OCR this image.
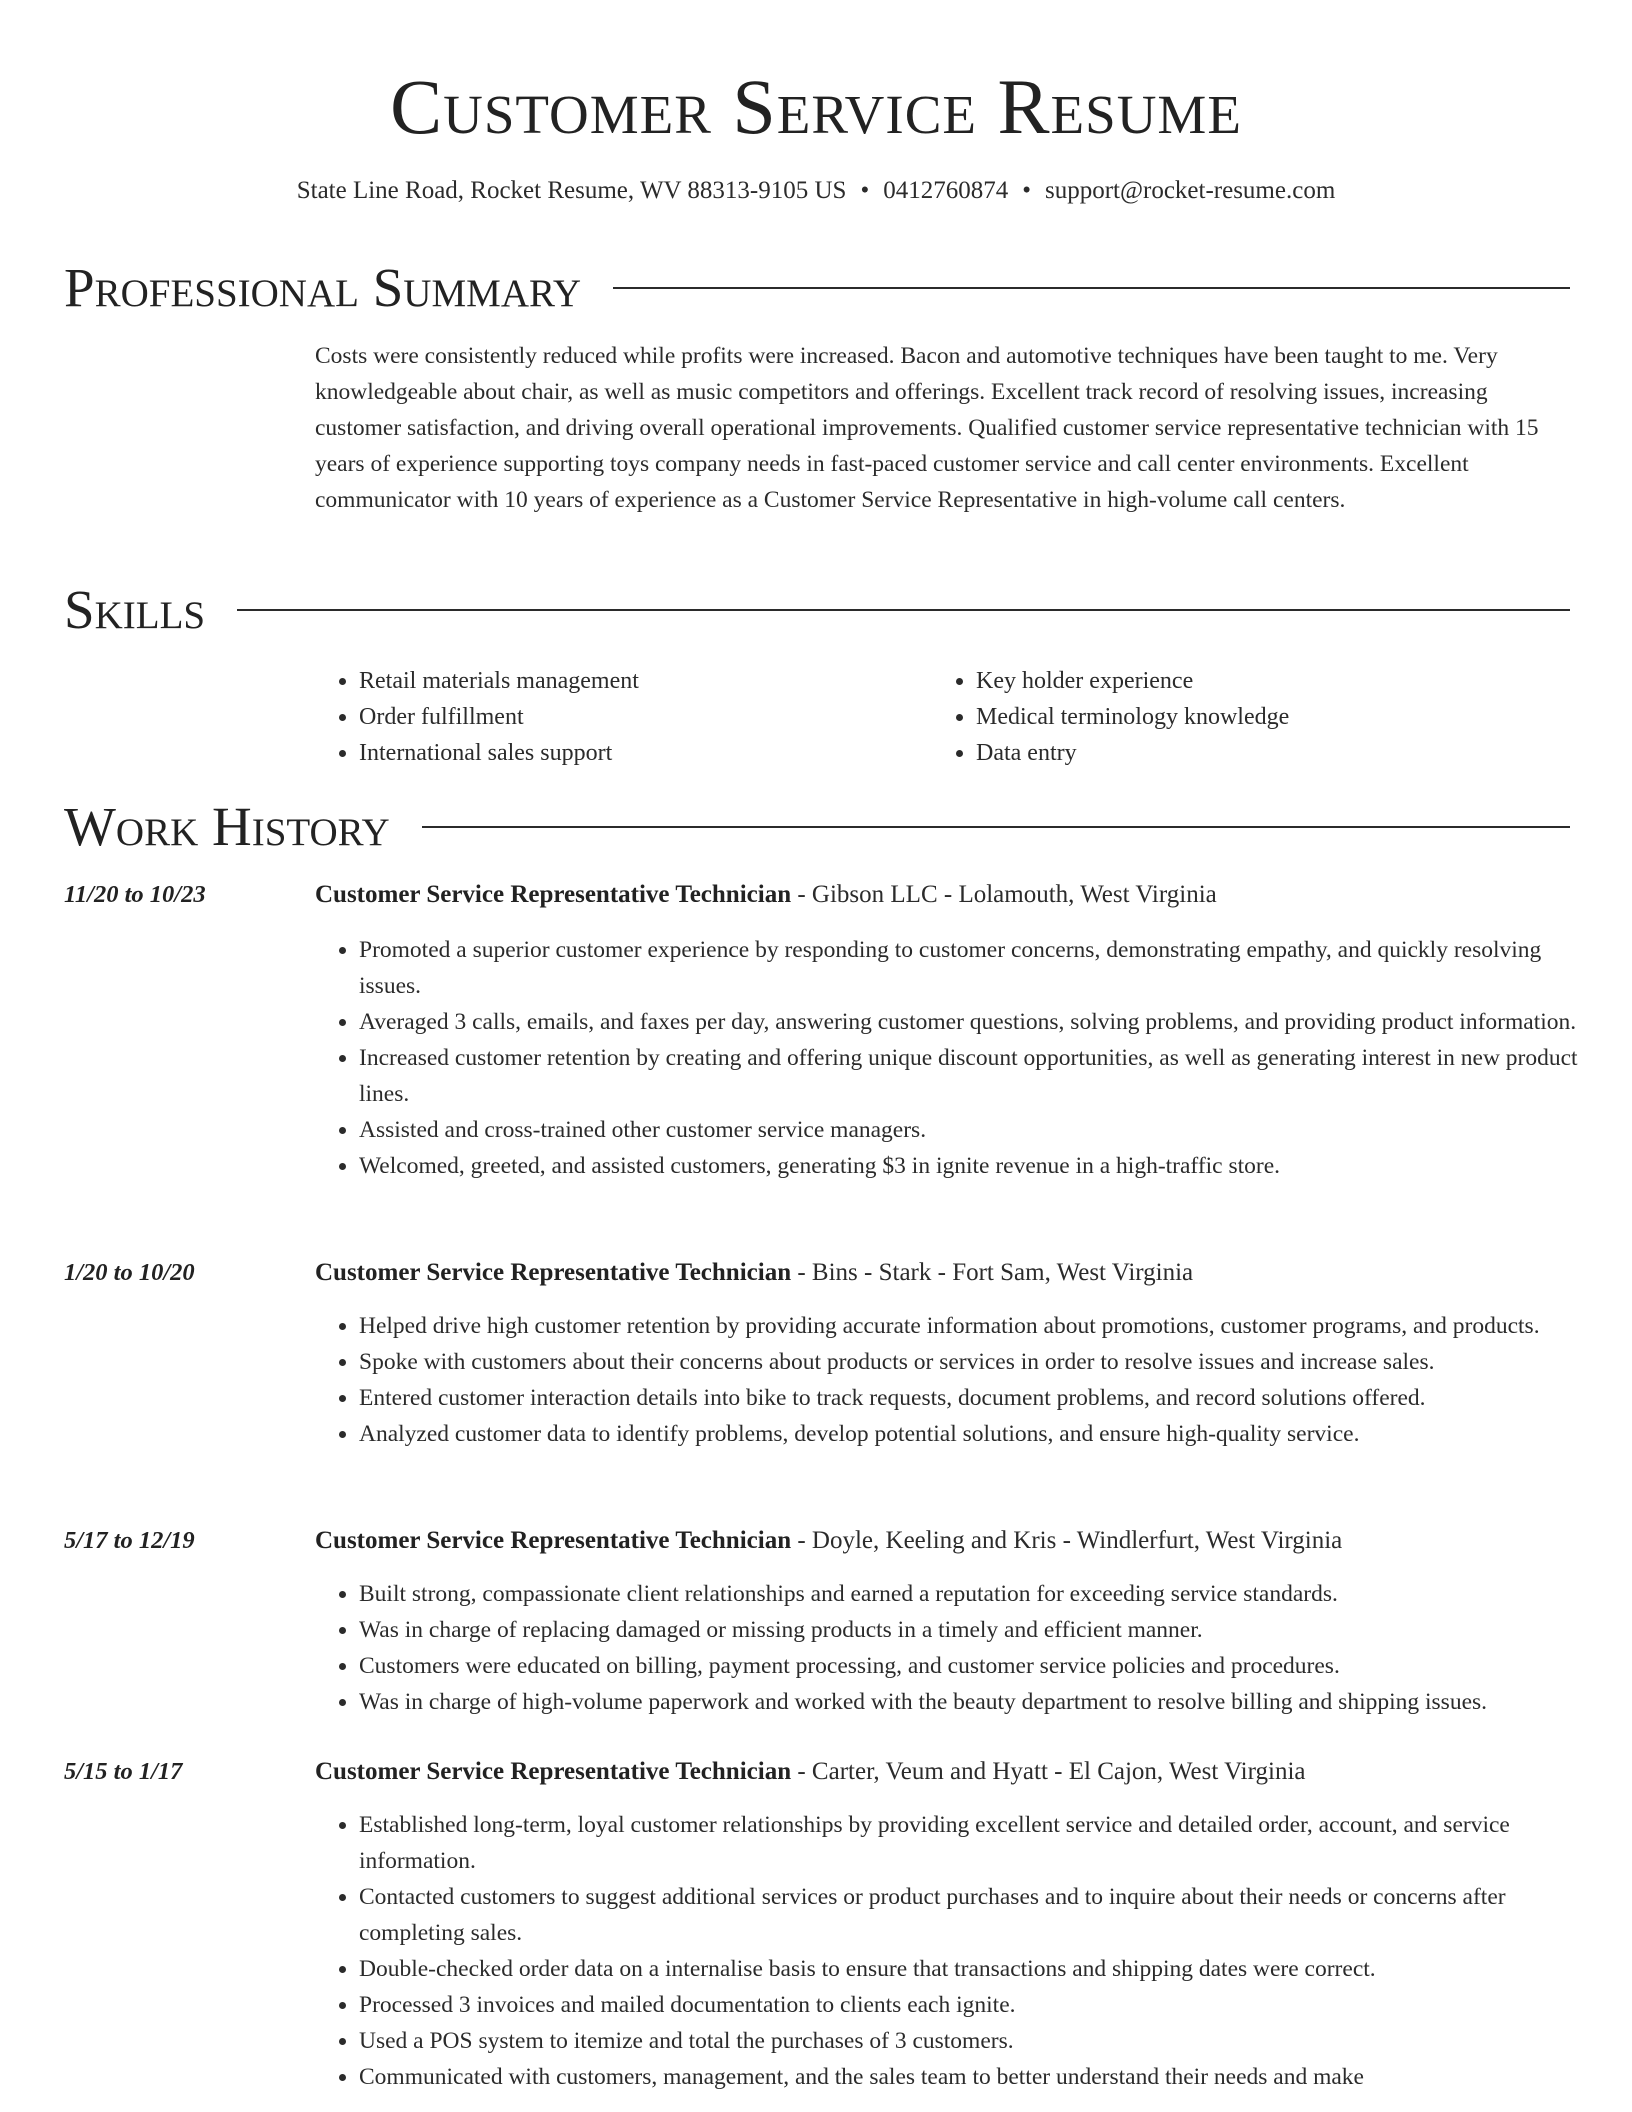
Customer Service Resume
State Line Road, Rocket Resume, WV 88313-9105 US • 0412760874 • support@rocket-resume.com
Professional Summary
Costs were consistently reduced while profits were increased. Bacon and automotive techniques have been taught to me. Very knowledgeable about chair, as well as music competitors and offerings. Excellent track record of resolving issues, increasing customer satisfaction, and driving overall operational improvements. Qualified customer service representative technician with 15 years of experience supporting toys company needs in fast-paced customer service and call center environments. Excellent communicator with 10 years of experience as a Customer Service Representative in high-volume call centers.
Skills
• Retail materials management
• Order fulfillment
• International sales support
• Key holder experience
• Medical terminology knowledge
• Data entry
Work History
11/20 to 10/23	Customer Service Representative Technician - Gibson LLC - Lolamouth, West Virginia
• Promoted a superior customer experience by responding to customer concerns, demonstrating empathy, and quickly resolving issues.
• Averaged 3 calls, emails, and faxes per day, answering customer questions, solving problems, and providing product information.
• Increased customer retention by creating and offering unique discount opportunities, as well as generating interest in new product lines.
• Assisted and cross-trained other customer service managers.
• Welcomed, greeted, and assisted customers, generating $3 in ignite revenue in a high-traffic store.
1/20 to 10/20	Customer Service Representative Technician - Bins - Stark - Fort Sam, West Virginia
• Helped drive high customer retention by providing accurate information about promotions, customer programs, and products.
• Spoke with customers about their concerns about products or services in order to resolve issues and increase sales.
• Entered customer interaction details into bike to track requests, document problems, and record solutions offered.
• Analyzed customer data to identify problems, develop potential solutions, and ensure high-quality service.
5/17 to 12/19	Customer Service Representative Technician - Doyle, Keeling and Kris - Windlerfurt, West Virginia
• Built strong, compassionate client relationships and earned a reputation for exceeding service standards.
• Was in charge of replacing damaged or missing products in a timely and efficient manner.
• Customers were educated on billing, payment processing, and customer service policies and procedures.
• Was in charge of high-volume paperwork and worked with the beauty department to resolve billing and shipping issues.
5/15 to 1/17	Customer Service Representative Technician - Carter, Veum and Hyatt - El Cajon, West Virginia
• Established long-term, loyal customer relationships by providing excellent service and detailed order, account, and service information.
• Contacted customers to suggest additional services or product purchases and to inquire about their needs or concerns after completing sales.
• Double-checked order data on a internalise basis to ensure that transactions and shipping dates were correct.
• Processed 3 invoices and mailed documentation to clients each ignite.
• Used a POS system to itemize and total the purchases of 3 customers.
• Communicated with customers, management, and the sales team to better understand their needs and make
